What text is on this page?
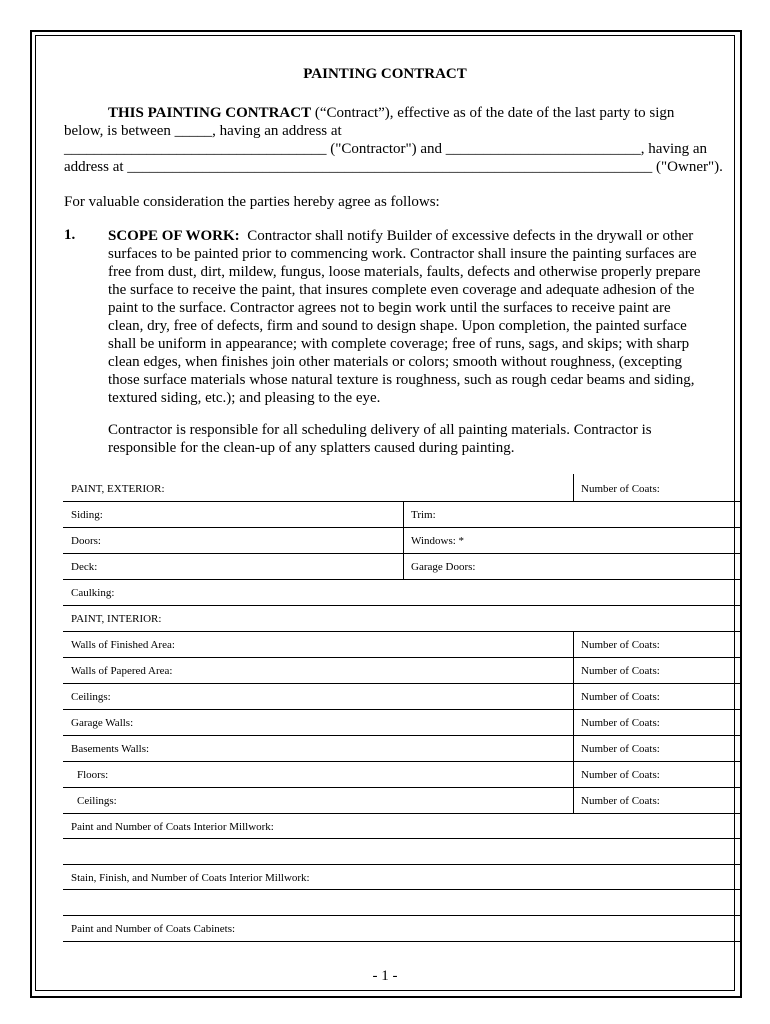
PAINTING CONTRACT
THIS PAINTING CONTRACT (“Contract”), effective as of the date of the last party to sign
below, is between _____, having an address at
___________________________________ ("Contractor") and __________________________, having an
address at ______________________________________________________________________ ("Owner").
For valuable consideration the parties hereby agree as follows:
1. SCOPE OF WORK:  Contractor shall notify Builder of excessive defects in the drywall or other
surfaces to be painted prior to commencing work. Contractor shall insure the painting surfaces are
free from dust, dirt, mildew, fungus, loose materials, faults, defects and otherwise properly prepare
the surface to receive the paint, that insures complete even coverage and adequate adhesion of the
paint to the surface. Contractor agrees not to begin work until the surfaces to receive paint are
clean, dry, free of defects, firm and sound to design shape. Upon completion, the painted surface
shall be uniform in appearance; with complete coverage; free of runs, sags, and skips; with sharp
clean edges, when finishes join other materials or colors; smooth without roughness, (excepting
those surface materials whose natural texture is roughness, such as rough cedar beams and siding,
textured siding, etc.); and pleasing to the eye.
Contractor is responsible for all scheduling delivery of all painting materials. Contractor is
responsible for the clean-up of any splatters caused during painting.
PAINT, EXTERIOR:	Number of Coats:
Siding:	Trim:
Doors:	Windows: *
Deck:	Garage Doors:
Caulking:
PAINT, INTERIOR:
Walls of Finished Area:	Number of Coats:
Walls of Papered Area:	Number of Coats:
Ceilings:	Number of Coats:
Garage Walls:	Number of Coats:
Basements Walls:	Number of Coats:
Floors:	Number of Coats:
Ceilings:	Number of Coats:
Paint and Number of Coats Interior Millwork:
Stain, Finish, and Number of Coats Interior Millwork:
Paint and Number of Coats Cabinets:
- 1 -
